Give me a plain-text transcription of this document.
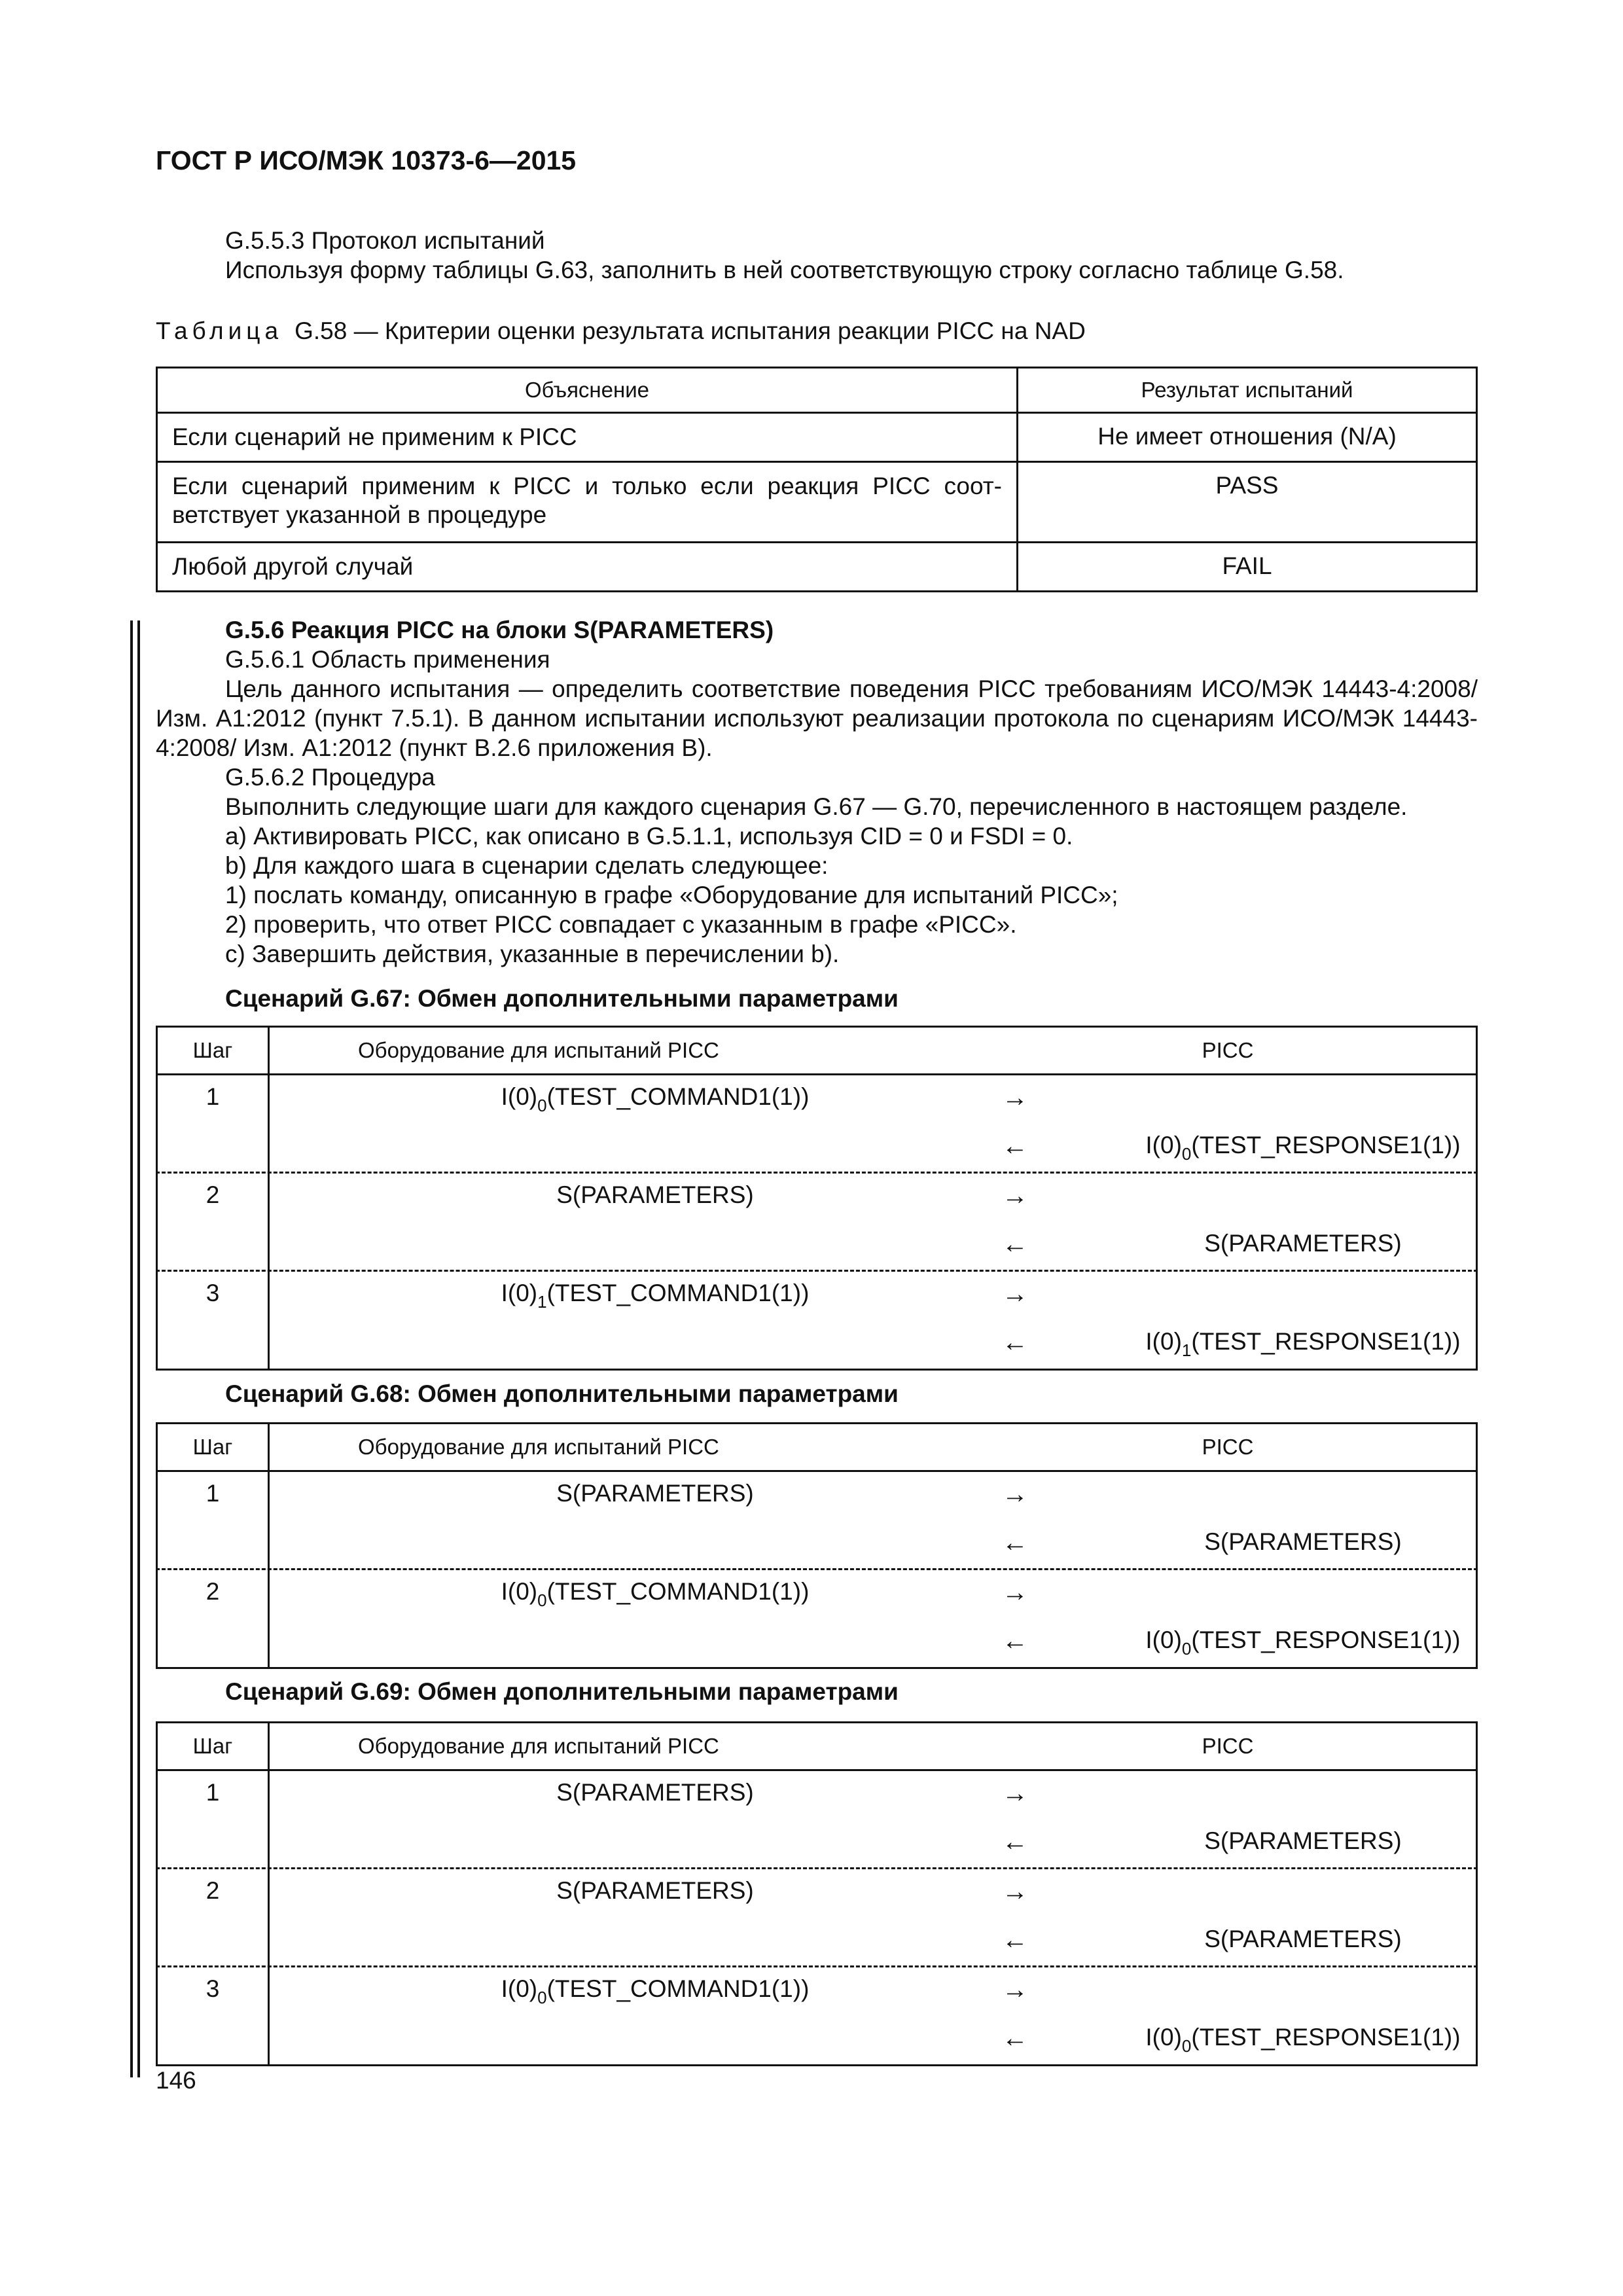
ГОСТ Р ИСО/МЭК 10373-6—2015

G.5.5.3 Протокол испытаний

Используя форму таблицы G.63, заполнить в ней соответствующую строку согласно таблице G.58.

Таблица G.58 — Критерии оценки результата испытания реакции PICC на NAD
Объяснение	Результат испытаний
Если сценарий не применим к PICC	Не имеет отношения (N/A)
Если сценарий применим к PICC и только если реакция PICC соот-ветствует указанной в процедуре	PASS
Любой другой случай	FAIL

G.5.6 Реакция PICC на блоки S(PARAMETERS)

G.5.6.1 Область применения

Цель данного испытания — определить соответствие поведения PICC требованиям ИСО/МЭК 14443-4:2008/ Изм. А1:2012 (пункт 7.5.1). В данном испытании используют реализации протокола по сценариям ИСО/МЭК 14443-4:2008/ Изм. А1:2012 (пункт В.2.6 приложения В).

G.5.6.2 Процедура

Выполнить следующие шаги для каждого сценария G.67 — G.70, перечисленного в настоящем разделе.

a) Активировать PICC, как описано в G.5.1.1, используя CID = 0 и FSDI = 0.

b) Для каждого шага в сценарии сделать следующее:

1) послать команду, описанную в графе «Оборудование для испытаний PICC»;

2) проверить, что ответ PICC совпадает с указанным в графе «PICC».

c) Завершить действия, указанные в перечислении b).

Сценарий G.67: Обмен дополнительными параметрами

Шаг	Оборудование для испытаний PICC	PICC
1	$I(0)_0(TEST\_COMMAND1(1))$	→
←	$I(0)_0(TEST\_RESPONSE1(1))$
2	S(PARAMETERS)	→
←	S(PARAMETERS)
3	$I(0)_1(TEST\_COMMAND1(1))$	→
←	$I(0)_1(TEST\_RESPONSE1(1))$

Сценарий G.68: Обмен дополнительными параметрами

Шаг	Оборудование для испытаний PICC	PICC
1	S(PARAMETERS)	→
←	S(PARAMETERS)
2	$I(0)_0(TEST\_COMMAND1(1))$	→
←	$I(0)_0(TEST\_RESPONSE1(1))$

Сценарий G.69: Обмен дополнительными параметрами

Шаг	Оборудование для испытаний PICC	PICC
1	S(PARAMETERS)	→
←	S(PARAMETERS)
2	S(PARAMETERS)	→
←	S(PARAMETERS)
3	$I(0)_0(TEST\_COMMAND1(1))$	→
←	$I(0)_0(TEST\_RESPONSE1(1))$
146
